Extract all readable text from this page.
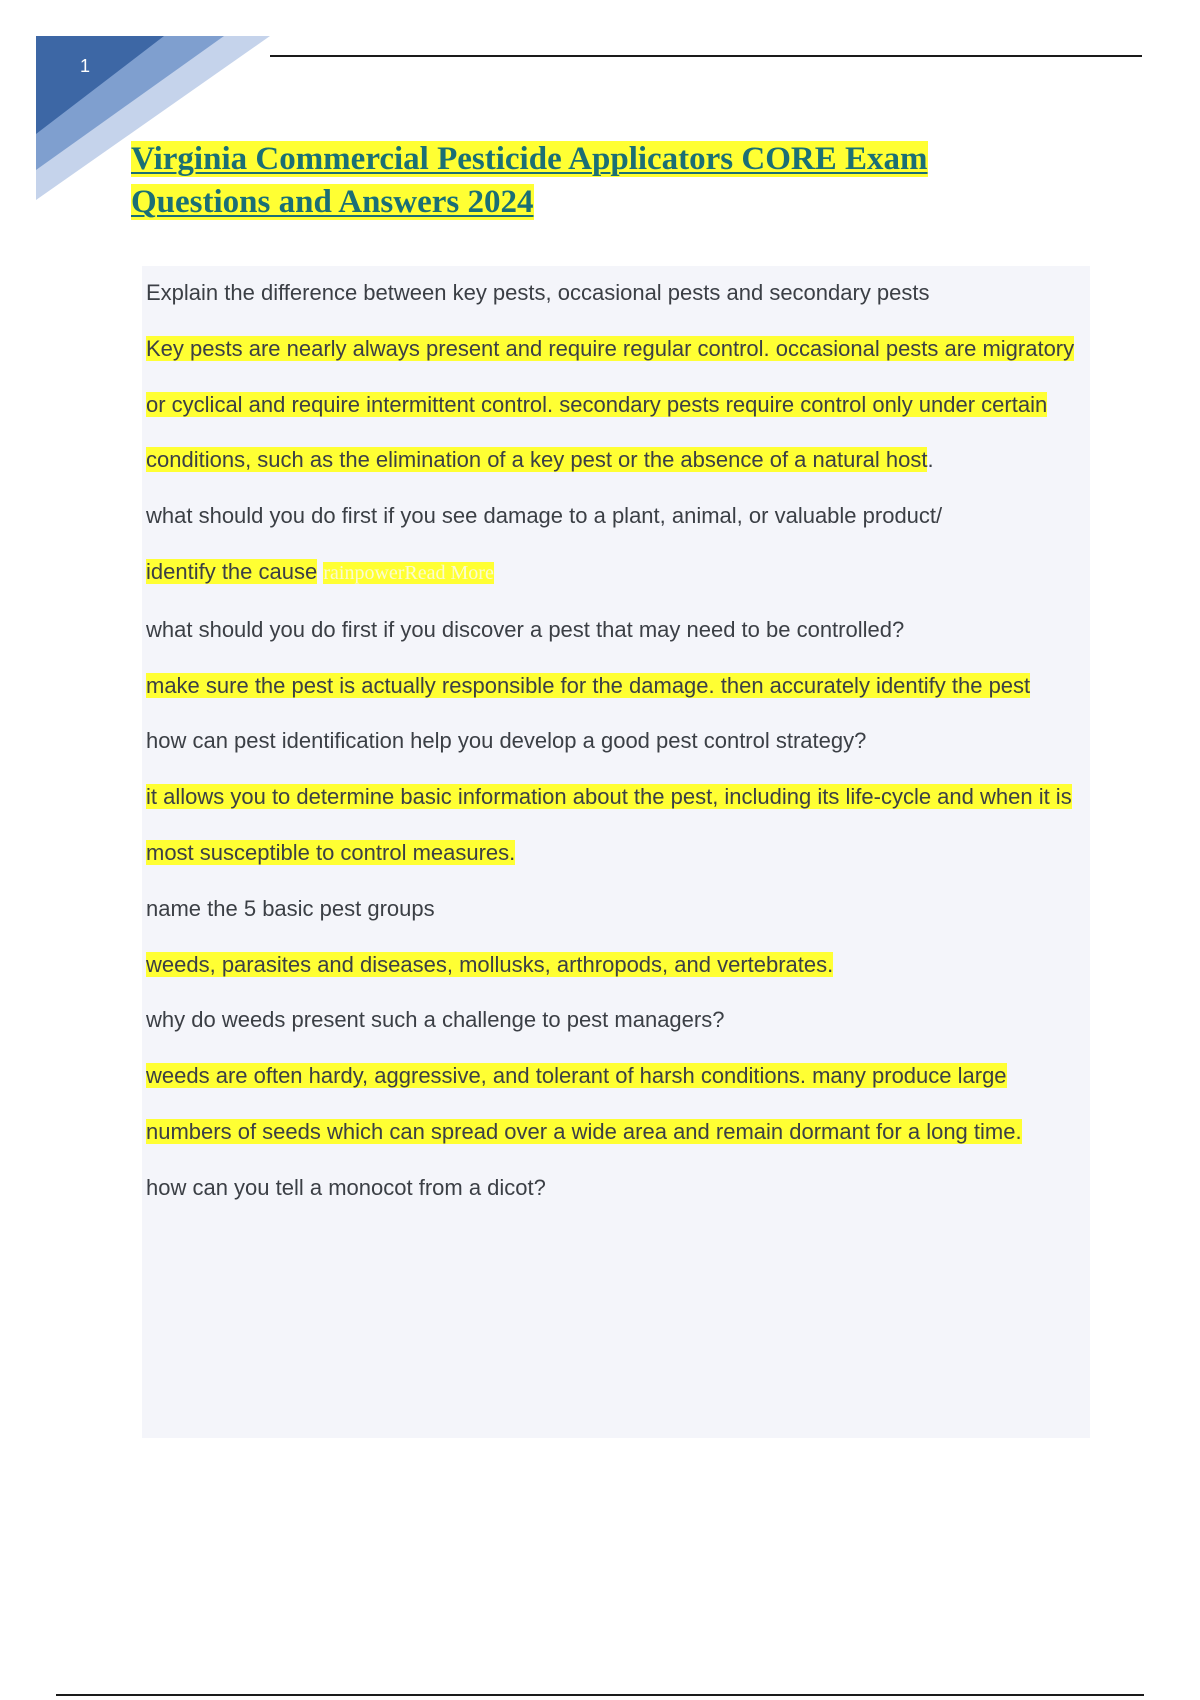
1
Virginia Commercial Pesticide Applicators CORE Exam
Questions and Answers 2024

Explain the difference between key pests, occasional pests and secondary pests

Key pests are nearly always present and require regular control. occasional pests are migratory or cyclical and require intermittent control. secondary pests require control only under certain conditions, such as the elimination of a key pest or the absence of a natural host.

what should you do first if you see damage to a plant, animal, or valuable product/

identify the cause rainpowerRead More

what should you do first if you discover a pest that may need to be controlled?

make sure the pest is actually responsible for the damage. then accurately identify the pest

how can pest identification help you develop a good pest control strategy?

it allows you to determine basic information about the pest, including its life-cycle and when it is most susceptible to control measures.

name the 5 basic pest groups

weeds, parasites and diseases, mollusks, arthropods, and vertebrates.

why do weeds present such a challenge to pest managers?

weeds are often hardy, aggressive, and tolerant of harsh conditions. many produce large numbers of seeds which can spread over a wide area and remain dormant for a long time.

how can you tell a monocot from a dicot?
